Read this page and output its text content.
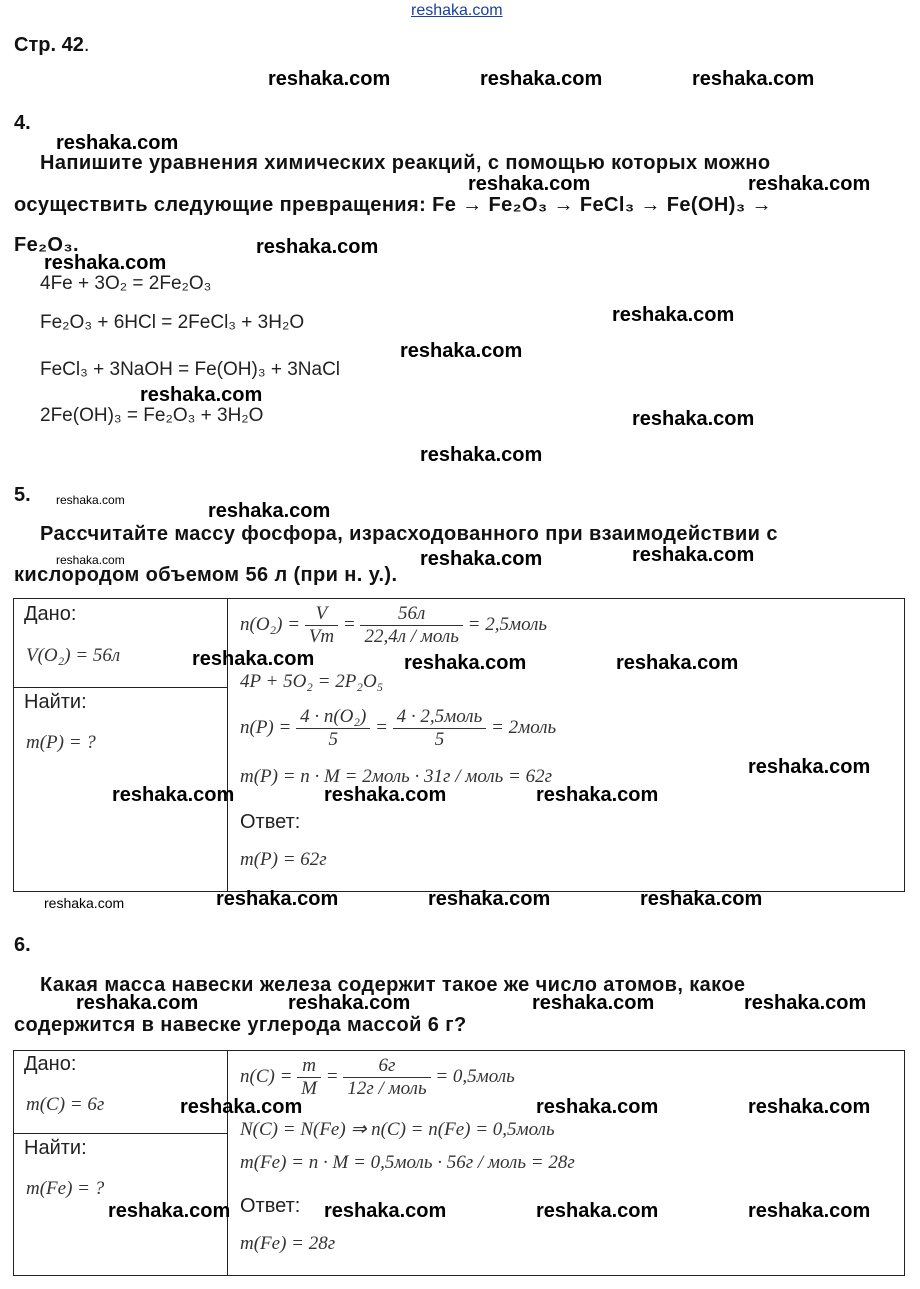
reshaka.com
Стр. 42.
4.
Напишите уравнения химических реакций, с помощью которых можно
осуществить следующие превращения: Fe → Fe₂O₃ → FeCl₃ → Fe(OH)₃ →
Fe₂O₃.
4Fe + 3O₂ = 2Fe₂O₃
Fe₂O₃ + 6HCl = 2FeCl₃ + 3H₂O
FeCl₃ + 3NaOH = Fe(OH)₃ + 3NaCl
2Fe(OH)₃ = Fe₂O₃ + 3H₂O
5.
Рассчитайте массу фосфора, израсходованного при взаимодействии с
кислородом объемом 56 л (при н. у.).
Дано:
V(O₂) = 56л
Найти:
m(P) = ?
$n(O_2) = \frac{V}{Vm} = \frac{56л}{\text{22,4л / моль}}$ = 2,5моль
4P + 5O₂ = 2P₂O₅
$n(P) = \frac{\text{4 · n(O₂)}}{5} = \frac{\text{4 · 2,5моль}}{5}$ = 2моль
m(P) = n · M = 2моль · 31г / моль = 62г
Ответ:
m(P) = 62г
6.
Какая масса навески железа содержит такое же число атомов, какое
содержится в навеске углерода массой 6 г?
Дано:
m(C) = 6г
Найти:
m(Fe) = ?
$n(C) = \frac{m}{M} = \frac{6г}{\text{12г / моль}}$ = 0,5моль
N(C) = N(Fe) ⇒ n(C) = n(Fe) = 0,5моль
m(Fe) = n · M = 0,5моль · 56г / моль = 28г
Ответ:
m(Fe) = 28г
reshaka.com	reshaka.com	reshaka.com
reshaka.com
reshaka.com	reshaka.com
reshaka.com
reshaka.com
reshaka.com
reshaka.com
reshaka.com
reshaka.com
reshaka.com
reshaka.com	reshaka.com
reshaka.com	reshaka.com	reshaka.com
reshaka.com	reshaka.com	reshaka.com
reshaka.com
reshaka.com	reshaka.com	reshaka.com
reshaka.com	reshaka.com	reshaka.com	reshaka.com
reshaka.com	reshaka.com	reshaka.com	reshaka.com
reshaka.com	reshaka.com	reshaka.com
reshaka.com	reshaka.com	reshaka.com	reshaka.com
